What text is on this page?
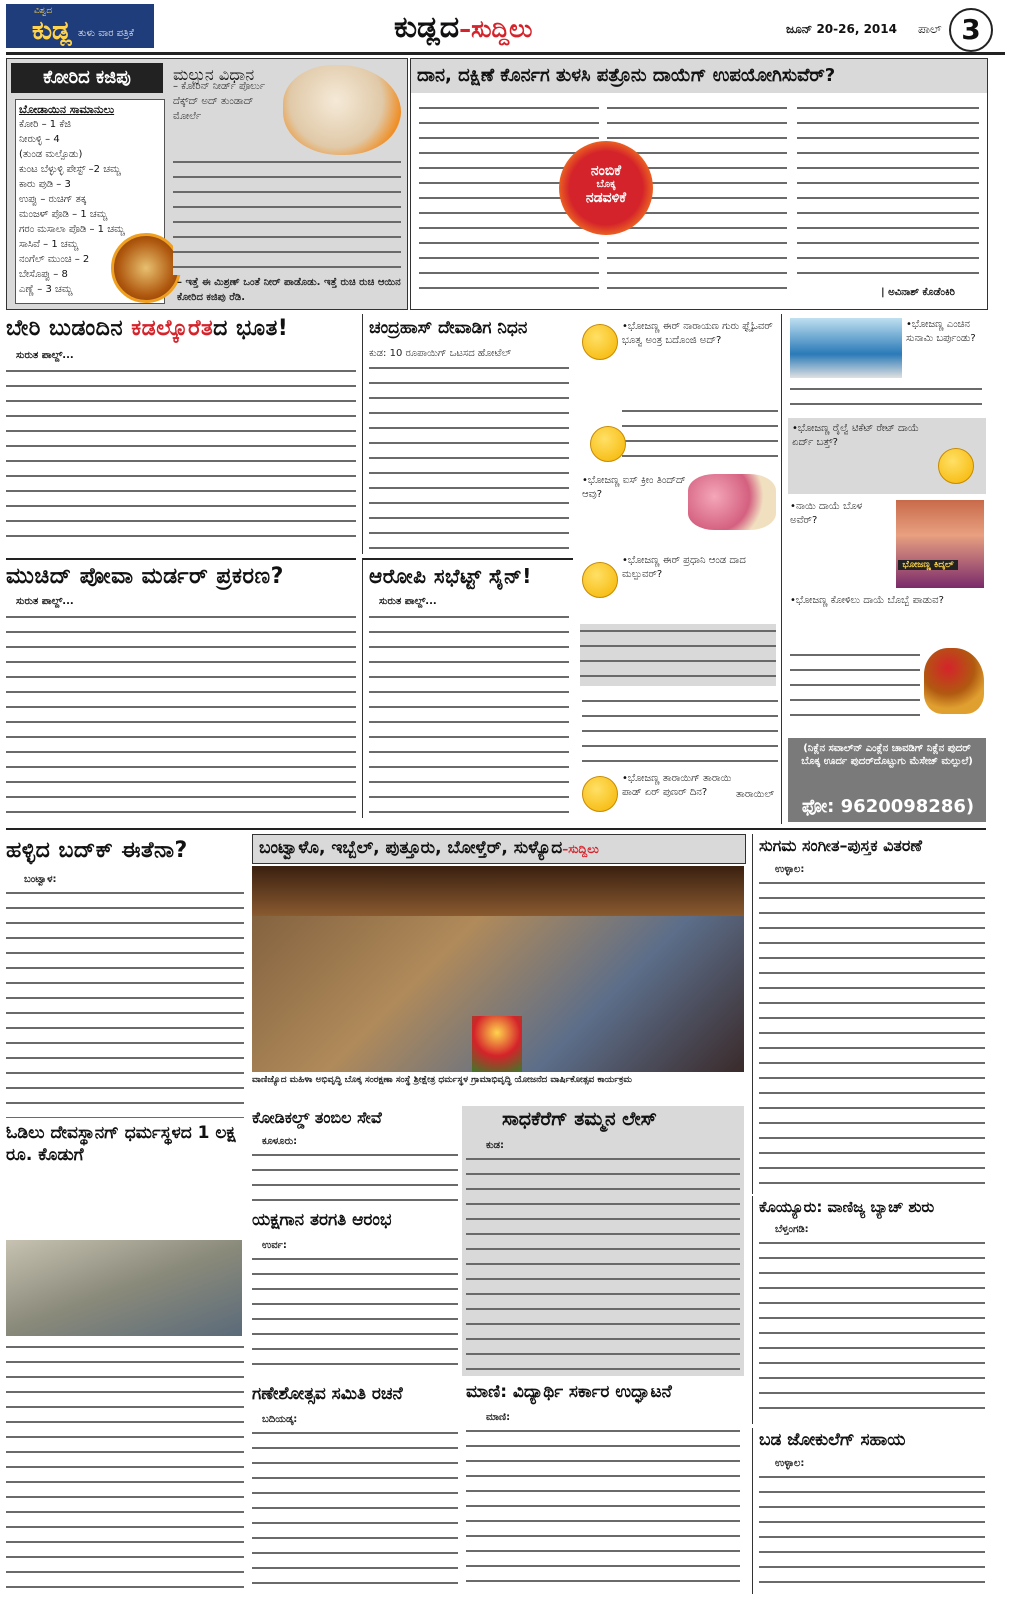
ವಿಶ್ವದ
ಕುಡ್ಲ ತುಳು ವಾರ ಪತ್ರಿಕೆ	ಕುಡ್ಲದ–ಸುದ್ದಿಲು	ಜೂನ್ 20-26, 2014 ಪಾಲ್ 3
ಕೋರಿದ ಕಜಿಪು
ಬೋಡಾಯಿನ ಸಾಮಾನುಲು
ಕೋರಿ – 1 ಕೆಜಿ
ನೀರುಳ್ಳಿ – 4
(ತುಂಡ ಮಲ್ಪೊಡು)
ಕುಂಟ ಬೆಳ್ಳುಳ್ಳಿ ಪೇಸ್ಟ್ –2 ಚಮ್ಚ
ಕಾರು ಪುಡಿ – 3
ಉಪ್ಪು – ರುಚಿಗ್ ತಕ್ಕ
ಮಂಜಳ್ ಪೊಡಿ – 1 ಚಮ್ಚ
ಗರಂ ಮಸಾಲಾ ಪೊಡಿ – 1 ಚಮ್ಚ
ಸಾಸಿವೆ – 1 ಚಮ್ಚ
ನಂಗೆಲ್ ಮುಂಚಿ – 2
ಬೇಸೊಪ್ಪು – 8
ಎಣ್ಣೆ – 3 ಚಮ್ಚ
ಮಲ್ಪುನ ವಿಧಾನ
– ಕೋರಿನ್ ನೀರ್ಡ್ ಪೊರ್ಲು ದೆಕ್ಕ್‌ದ್ ಅದ್ ತುಂಡಾದ್ ಮೋರ್ಲೆ
– ಇತ್ತೆ ಈ ಮಿಶ್ರಣ್ ಒಂತೆ ನೀರ್ ಪಾಡೊಡು. ಇತ್ತೆ ರುಚಿ ರುಚಿ ಆಯಿನ ಕೋರಿದ ಕಜಿಪು ರೆಡಿ.
ದಾನ, ದಕ್ಷಿಣೆ ಕೊರ್ನಗ ತುಳಸಿ ಪತ್ರೊನು ದಾಯೆಗ್ ಉಪಯೋಗಿಸುವೆರ್?
ನಂಬಿಕೆ
ಬೊಕ್ಕ
ನಡವಳಿಕೆ
| ಅವಿನಾಶ್ ಕೊಡೆಂಕಿರಿ
ಬೇರಿ ಬುಡಂದಿನ ಕಡಲ್ಕೊರೆತದ ಭೂತ!
ಸುರುತ ಪಾಲ್ದ್...
ಚಂದ್ರಹಾಸ್ ದೇವಾಡಿಗ ನಿಧನ
ಕುಡ: 10 ರೂಪಾಯಿಗ್ ಒಟಸದ ಹೋಟೆಲ್
ಮುಚಿದ್ ಪೋವಾ ಮರ್ಡರ್ ಪ್ರಕರಣ?
ಸುರುತ ಪಾಲ್ದ್...
ಆರೋಪಿ ಸಭೆಟ್ಟ್ ಸೈನ್!
ಸುರುತ ಪಾಲ್ದ್...
•ಭೋಜಣ್ಣ ಈರ್ ನಾರಾಯಣ ಗುರು ಫ್ಲೈಓವರ್ ಭೂತ್ವ ಅಂತ್ರ ಬದೊಂಜಿ ಅದ್?
•ಭೋಜಣ್ಣ ಐಸ್ ಕ್ರೀಂ ತಿಂದ್‌ದ್ ಆವು?
•ಭೋಜಣ್ಣ ಈರ್ ಪ್ರಧಾನಿ ಆಂಡ ದಾದ ಮಲ್ಪುವರ್?
•ಭೋಜಣ್ಣ ತಾರಾಯಿಗ್ ತಾರಾಯಿ ಪಾಡ್ ಏರ್ ಪುಣರ್ ದಿನ?	ತಾರಾಯಿಲ್
•ಭೋಜಣ್ಣ ಎಂಚಿನ ಸುನಾಮಿ ಬರ್ಪುಂಡು?
•ಭೋಜಣ್ಣ ರೈಲ್ವೆ ಟಿಕೆಟ್ ರೇಟ್ ದಾಯೆ ಏರ್ದ್ ಬತ್ತ್?
•ನಾಯಿ ದಾಯೆ ಬೊಳ ಅವೆರ್?
ಭೋಜಣ್ಣ ಕಿದ್ಕಲ್
•ಭೋಜಣ್ಣ ಕೋಳಿಲು ದಾಯೆ ಬೊಬ್ಬೆ ಪಾಡುವ?
(ನಿಕ್ಲೆನ ಸವಾಲ್‌ನ್ ಎಂಕ್ಲೆನ ಚಾವಡಿಗ್ ನಿಕ್ಲೆನ ಪುದರ್ ಬೊಕ್ಕ ಊರ್ದ ಪುದರ್‌ದೊಟ್ಟುಗು ಮೆಸೇಜ್ ಮಲ್ಪುಲೆ)
ಫೋ: 9620098286)
ಹಳ್ಳಿದ ಬದ್‌ಕ್ ಈತೆನಾ?
ಬಂಟ್ವಾಳ:
ಓಡಿಲು ದೇವಸ್ಥಾನಗ್ ಧರ್ಮಸ್ಥಳದ 1 ಲಕ್ಷ ರೂ. ಕೊಡುಗೆ
ಬಂಟ್ವಾಳೊ, ಇಬ್ಬೆಲ್, ಪುತ್ತೂರು, ಬೋಳ್ತೆರ್, ಸುಳ್ಯೊದ–ಸುದ್ದಿಲು
ವಾಣಿಜ್ಯೊದ ಮಹಿಳಾ ಅಭಿವೃದ್ಧಿ ಬೊಕ್ಕ ಸಂರಕ್ಷಣಾ ಸಂಸ್ಥೆ ಶ್ರೀಕ್ಷೇತ್ರ ಧರ್ಮಸ್ಥಳ ಗ್ರಾಮಾಭಿವೃದ್ಧಿ ಯೋಜನೆದ ವಾರ್ಷಿಕೋತ್ಸವ ಕಾರ್ಯಕ್ರಮ
ಕೋಡಿಕಲ್ಡ್ ತಂಬಿಲ ಸೇವೆ
ಕೂಳೂರು:
ಯಕ್ಷಗಾನ ತರಗತಿ ಆರಂಭ
ಉರ್ವ:
ಗಣೇಶೋತ್ಸವ ಸಮಿತಿ ರಚನೆ
ಬದಿಯಡ್ಕ:
ಸಾಧಕೆರೆಗ್ ತಮ್ಮನ ಲೇಸ್
ಕುಡ:
ಮಾಣಿ: ವಿದ್ಯಾರ್ಥಿ ಸರ್ಕಾರ ಉದ್ಘಾಟನೆ
ಮಾಣಿ:
ಸುಗಮ ಸಂಗೀತ–ಪುಸ್ತಕ ವಿತರಣೆ
ಉಳ್ಳಾಲ:
ಕೊಯ್ಯೂರು: ವಾಣಿಜ್ಯ ಬ್ಯಾಚ್ ಶುರು
ಬೆಳ್ತಂಗಡಿ:
ಬಡ ಜೋಕುಲೆಗ್ ಸಹಾಯ
ಉಳ್ಳಾಲ:
